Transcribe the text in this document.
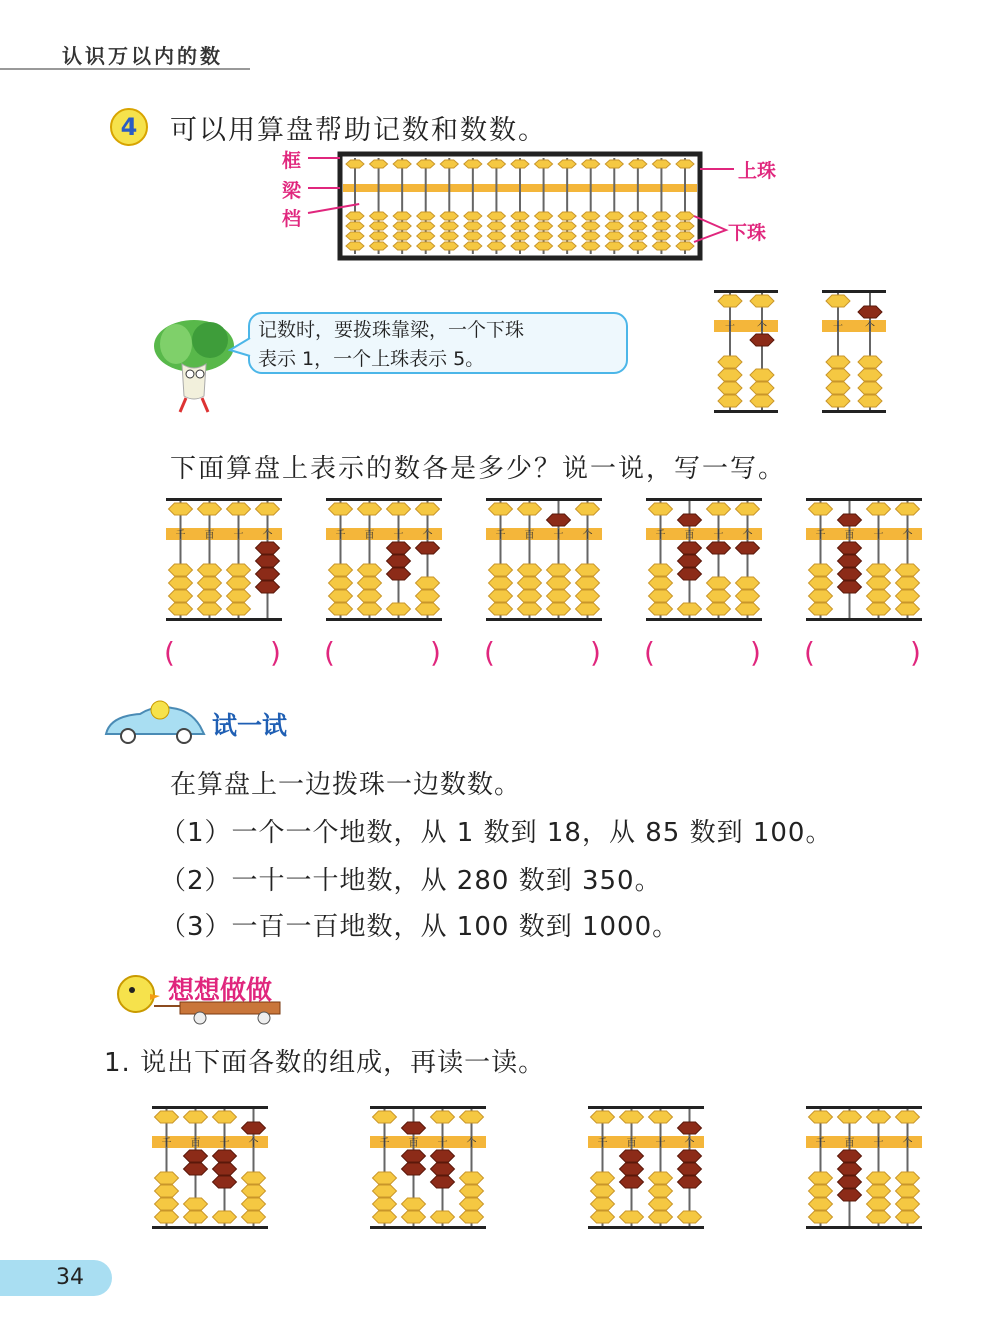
认识万以内的数
4	可以用算盘帮助记数和数数。
框
梁
档
上珠
下珠
记数时，要拨珠靠梁，一个下珠
表示 1，一个上珠表示 5。
十 个	十 个
千 百 十 个	千 百 十 个	千 百 十 个	千 百 十 个	千 百 十 个
千 百 十 个	千 百 十 个	千 百 十 个	千 百 十 个
下面算盘上表示的数各是多少？说一说，写一写。
(	) (	) (	) (	) (	)
试一试
在算盘上一边拨珠一边数数。
（1）一个一个地数，从 1 数到 18，从 85 数到 100。
（2）一十一十地数，从 280 数到 350。
（3）一百一百地数，从 100 数到 1000。
想想做做
1. 说出下面各数的组成，再读一读。
34
